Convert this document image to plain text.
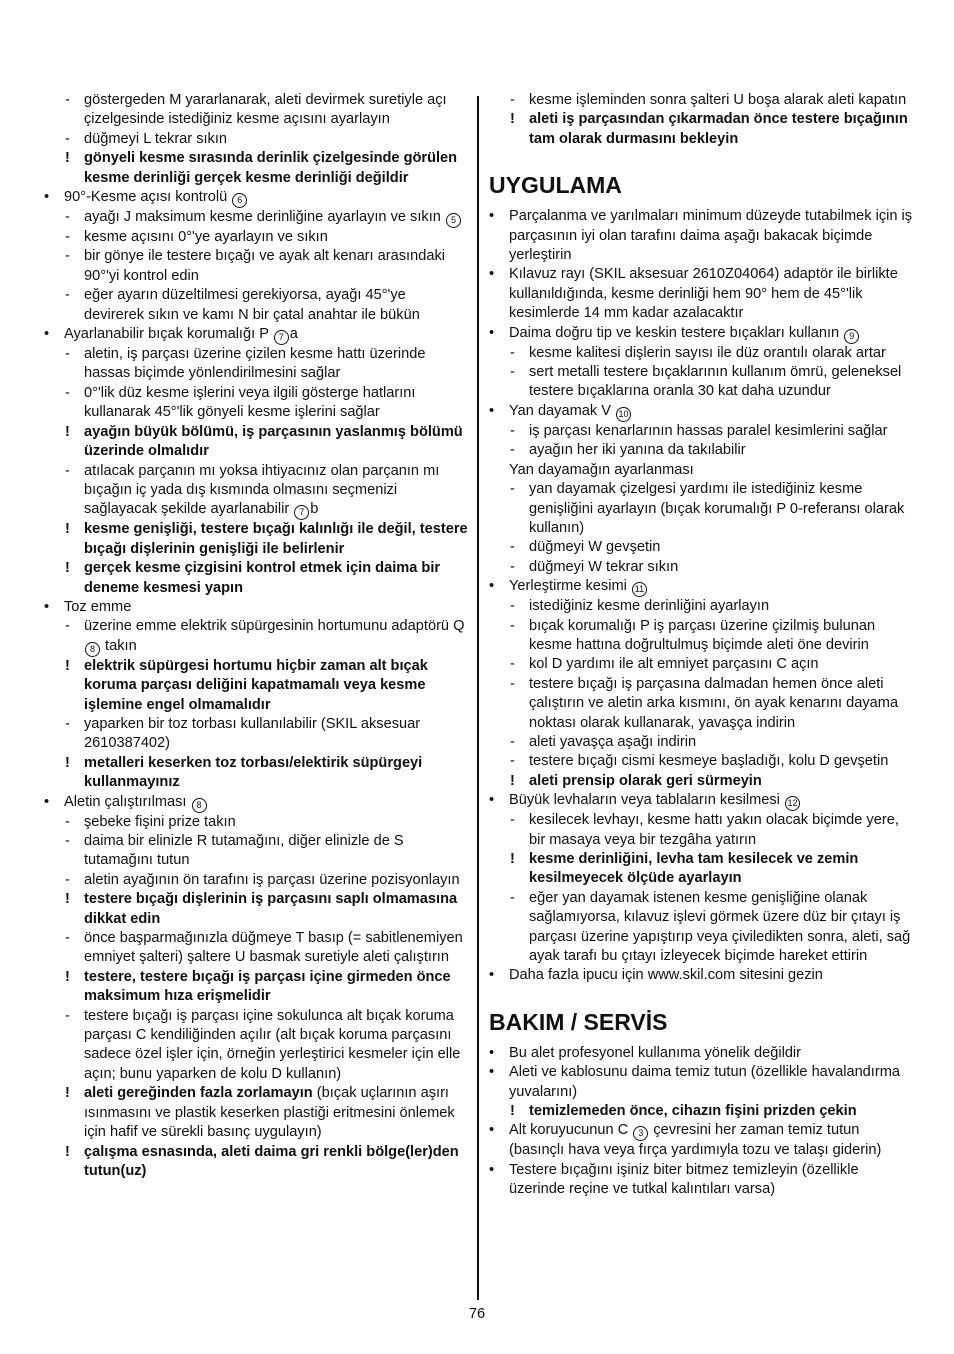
- göstergeden M yararlanarak, aleti devirmek suretiyle açı çizelgesinde istediğiniz kesme açısını ayarlayın
- düğmeyi L tekrar sıkın
! gönyeli kesme sırasında derinlik çizelgesinde görülen kesme derinliği gerçek kesme derinliği değildir
• 90°-Kesme açısı kontrolü 6
- ayağı J maksimum kesme derinliğine ayarlayın ve sıkın 5
- kesme açısını 0°'ye ayarlayın ve sıkın
- bir gönye ile testere bıçağı ve ayak alt kenarı arasındaki 90°'yi kontrol edin
- eğer ayarın düzeltilmesi gerekiyorsa, ayağı 45°'ye devirerek sıkın ve kamı N bir çatal anahtar ile bükün
• Ayarlanabilir bıçak korumalığı P 7 a
- aletin, iş parçası üzerine çizilen kesme hattı üzerinde hassas biçimde yönlendirilmesini sağlar
- 0°'lik düz kesme işlerini veya ilgili gösterge hatlarını kullanarak 45°'lik gönyeli kesme işlerini sağlar
! ayağın büyük bölümü, iş parçasının yaslanmış bölümü üzerinde olmalıdır
- atılacak parçanın mı yoksa ihtiyacınız olan parçanın mı bıçağın iç yada dış kısmında olmasını seçmenizi sağlayacak şekilde ayarlanabilir 7 b
! kesme genişliği, testere bıçağı kalınlığı ile değil, testere bıçağı dişlerinin genişliği ile belirlenir
! gerçek kesme çizgisini kontrol etmek için daima bir deneme kesmesi yapın
• Toz emme
- üzerine emme elektrik süpürgesinin hortumunu adaptörü Q 8 takın
! elektrik süpürgesi hortumu hiçbir zaman alt bıçak koruma parçası deliğini kapatmamalı veya kesme işlemine engel olmamalıdır
- yaparken bir toz torbası kullanılabilir (SKIL aksesuar 2610387402)
! metalleri keserken toz torbası/elektirik süpürgeyi kullanmayınız
• Aletin çalıştırılması 8
- şebeke fişini prize takın
- daima bir elinizle R tutamağını, diğer elinizle de S tutamağını tutun
- aletin ayağının ön tarafını iş parçası üzerine pozisyonlayın
! testere bıçağı dişlerinin iş parçasını saplı olmamasına dikkat edin
- önce başparmağınızla düğmeye T basıp (= sabitlenemiyen emniyet şalteri) şaltere U basmak suretiyle aleti çalıştırın
! testere, testere bıçağı iş parçası içine girmeden önce maksimum hıza erişmelidir
- testere bıçağı iş parçası içine sokulunca alt bıçak koruma parçası C kendiliğinden açılır (alt bıçak koruma parçasını sadece özel işler için, örneğin yerleştirici kesmeler için elle açın; bunu yaparken de kolu D kullanın)
! aleti gereğinden fazla zorlamayın (bıçak uçlarının aşırı ısınmasını ve plastik keserken plastiği eritmesini önlemek için hafif ve sürekli basınç uygulayın)
! çalışma esnasında, aleti daima gri renkli bölge(ler)den tutun(uz)
- kesme işleminden sonra şalteri U boşa alarak aleti kapatın
! aleti iş parçasından çıkarmadan önce testere bıçağının tam olarak durmasını bekleyin
UYGULAMA
• Parçalanma ve yarılmaları minimum düzeyde tutabilmek için iş parçasının iyi olan tarafını daima aşağı bakacak biçimde yerleştirin
• Kılavuz rayı (SKIL aksesuar 2610Z04064) adaptör ile birlikte kullanıldığında, kesme derinliği hem 90° hem de 45°'lik kesimlerde 14 mm kadar azalacaktır
• Daima doğru tip ve keskin testere bıçakları kullanın 9
- kesme kalitesi dişlerin sayısı ile düz orantılı olarak artar
- sert metalli testere bıçaklarının kullanım ömrü, geleneksel testere bıçaklarına oranla 30 kat daha uzundur
• Yan dayamak V 10
- iş parçası kenarlarının hassas paralel kesimlerini sağlar
- ayağın her iki yanına da takılabilir
Yan dayamağın ayarlanması
- yan dayamak çizelgesi yardımı ile istediğiniz kesme genişliğini ayarlayın (bıçak korumalığı P 0-referansı olarak kullanın)
- düğmeyi W gevşetin
- düğmeyi W tekrar sıkın
• Yerleştirme kesimi 11
- istediğiniz kesme derinliğini ayarlayın
- bıçak korumalığı P iş parçası üzerine çizilmiş bulunan kesme hattına doğrultulmuş biçimde aleti öne devirin
- kol D yardımı ile alt emniyet parçasını C açın
- testere bıçağı iş parçasına dalmadan hemen önce aleti çalıştırın ve aletin arka kısmını, ön ayak kenarını dayama noktası olarak kullanarak, yavaşça indirin
- aleti yavaşça aşağı indirin
- testere bıçağı cismi kesmeye başladığı, kolu D gevşetin
! aleti prensip olarak geri sürmeyin
• Büyük levhaların veya tablaların kesilmesi 12
- kesilecek levhayı, kesme hattı yakın olacak biçimde yere, bir masaya veya bir tezgâha yatırın
! kesme derinliğini, levha tam kesilecek ve zemin kesilmeyecek ölçüde ayarlayın
- eğer yan dayamak istenen kesme genişliğine olanak sağlamıyorsa, kılavuz işlevi görmek üzere düz bir çıtayı iş parçası üzerine yapıştırıp veya çiviledikten sonra, aleti, sağ ayak tarafı bu çıtayı izleyecek biçimde hareket ettirin
• Daha fazla ipucu için www.skil.com sitesini gezin
BAKIM / SERVİS
• Bu alet profesyonel kullanıma yönelik değildir
• Aleti ve kablosunu daima temiz tutun (özellikle havalandırma yuvalarını)
! temizlemeden önce, cihazın fişini prizden çekin
• Alt koruyucunun C 3 çevresini her zaman temiz tutun (basınçlı hava veya fırça yardımıyla tozu ve talaşı giderin)
• Testere bıçağını işiniz biter bitmez temizleyin (özellikle üzerinde reçine ve tutkal kalıntıları varsa)
76
